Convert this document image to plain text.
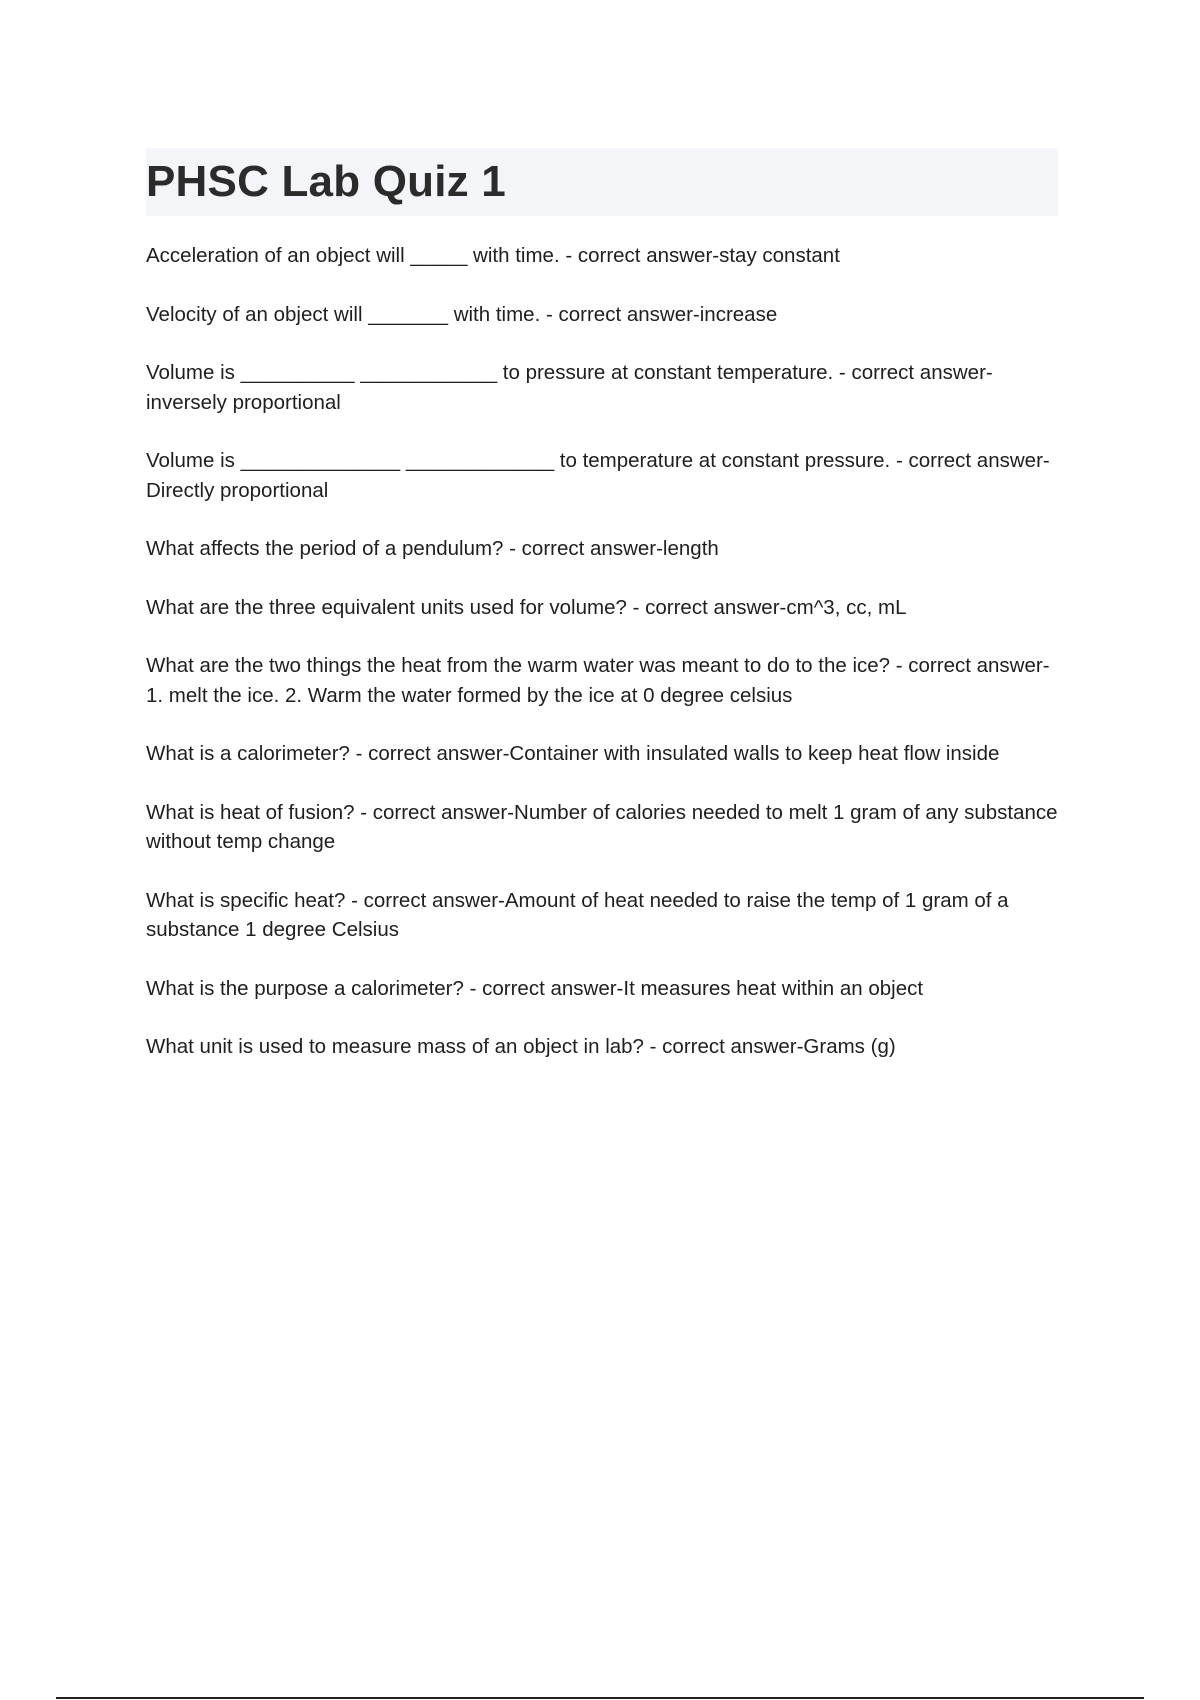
PHSC Lab Quiz 1

Acceleration of an object will _____ with time. - correct answer-stay constant

Velocity of an object will _______ with time. - correct answer-increase

Volume is __________ ____________ to pressure at constant temperature. - correct answer-inversely proportional

Volume is ______________ _____________ to temperature at constant pressure. - correct answer-Directly proportional

What affects the period of a pendulum? - correct answer-length

What are the three equivalent units used for volume? - correct answer-cm^3, cc, mL

What are the two things the heat from the warm water was meant to do to the ice? - correct answer-1. melt the ice. 2. Warm the water formed by the ice at 0 degree celsius

What is a calorimeter? - correct answer-Container with insulated walls to keep heat flow inside

What is heat of fusion? - correct answer-Number of calories needed to melt 1 gram of any substance without temp change

What is specific heat? - correct answer-Amount of heat needed to raise the temp of 1 gram of a substance 1 degree Celsius

What is the purpose a calorimeter? - correct answer-It measures heat within an object

What unit is used to measure mass of an object in lab? - correct answer-Grams (g)
